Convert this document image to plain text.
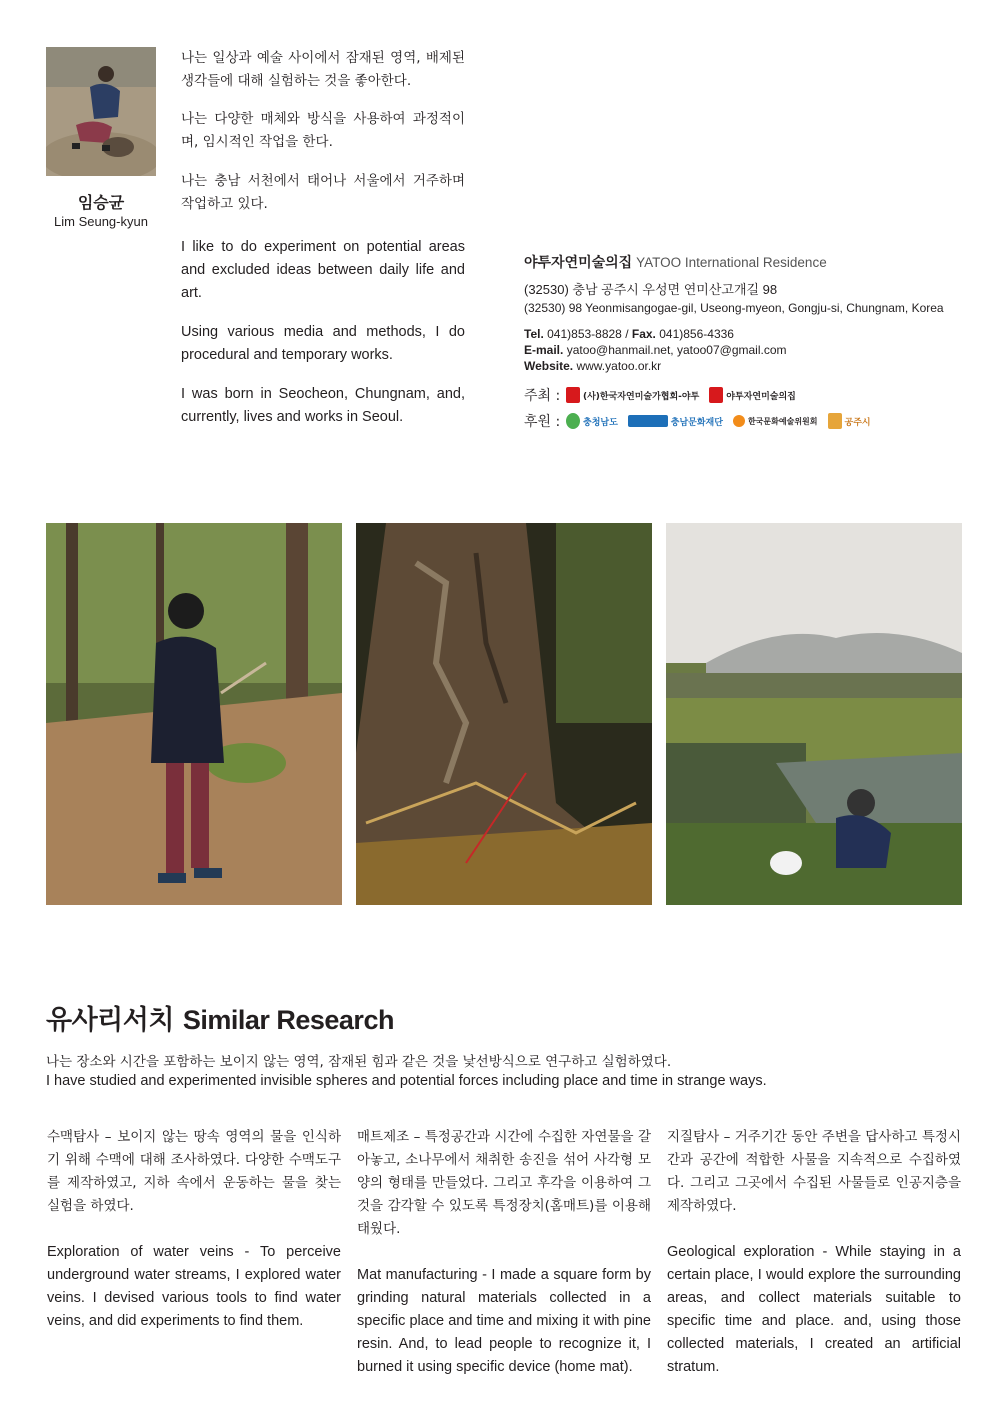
임승균
Lim Seung-kyun

나는 일상과 예술 사이에서 잠재된 영역, 배제된 생각들에 대해 실험하는 것을 좋아한다.

나는 다양한 매체와 방식을 사용하여 과정적이며, 임시적인 작업을 한다.

나는 충남 서천에서 태어나 서울에서 거주하며 작업하고 있다.

I like to do experiment on potential areas and excluded ideas between daily life and art.

Using various media and methods, I do procedural and temporary works.

I was born in Seocheon, Chungnam, and, currently, lives and works in Seoul.

야투자연미술의집 YATOO International Residence
(32530) 충남 공주시 우성면 연미산고개길 98
(32530) 98 Yeonmisangogae-gil, Useong-myeon, Gongju-si, Chungnam, Korea
Tel. 041)853-8828 / Fax. 041)856-4336
E-mail. yatoo@hanmail.net, yatoo07@gmail.com
Website. www.yatoo.or.kr
주최 :	(사)한국자연미술가협회-야투	야투자연미술의집
후원 :	충청남도	충남문화재단	한국문화예술위원회	공주시
유사리서치 Similar Research
나는 장소와 시간을 포함하는 보이지 않는 영역, 잠재된 힘과 같은 것을 낯선방식으로 연구하고 실험하였다.
I have studied and experimented invisible spheres and potential forces including place and time in strange ways.

수맥탐사 – 보이지 않는 땅속 영역의 물을 인식하기 위해 수맥에 대해 조사하였다. 다양한 수맥도구를 제작하였고, 지하 속에서 운동하는 물을 찾는 실험을 하였다.

Exploration of water veins - To perceive underground water streams, I explored water veins. I devised various tools to find water veins, and did experiments to find them.

매트제조 – 특정공간과 시간에 수집한 자연물을 갈아놓고, 소나무에서 채취한 송진을 섞어 사각형 모양의 형태를 만들었다. 그리고 후각을 이용하여 그것을 감각할 수 있도록 특정장치(홈매트)를 이용해 태웠다.

Mat manufacturing - I made a square form by grinding natural materials collected in a specific place and time and mixing it with pine resin. And, to lead people to recognize it, I burned it using specific device (home mat).

지질탐사 – 거주기간 동안 주변을 답사하고 특정시간과 공간에 적합한 사물을 지속적으로 수집하였다. 그리고 그곳에서 수집된 사물들로 인공지층을 제작하였다.

Geological exploration - While staying in a certain place, I would explore the surrounding areas, and collect materials suitable to specific time and place. and, using those collected materials, I created an artificial stratum.
